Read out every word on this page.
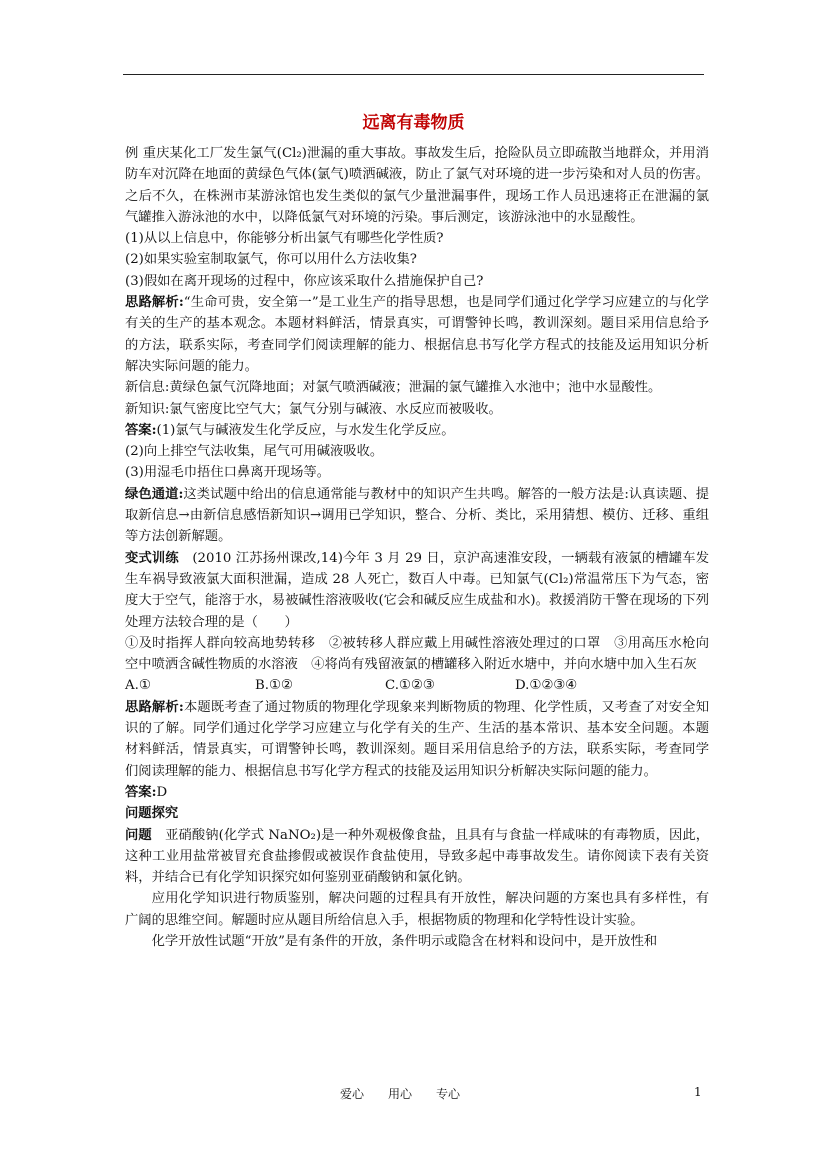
远离有毒物质

例 重庆某化工厂发生氯气(Cl₂)泄漏的重大事故。事故发生后，抢险队员立即疏散当地群众，并用消防车对沉降在地面的黄绿色气体(氯气)喷洒碱液，防止了氯气对环境的进一步污染和对人员的伤害。之后不久，在株洲市某游泳馆也发生类似的氯气少量泄漏事件，现场工作人员迅速将正在泄漏的氯气罐推入游泳池的水中，以降低氯气对环境的污染。事后测定，该游泳池中的水显酸性。

(1)从以上信息中，你能够分析出氯气有哪些化学性质?

(2)如果实验室制取氯气，你可以用什么方法收集?

(3)假如在离开现场的过程中，你应该采取什么措施保护自己?

思路解析:“生命可贵，安全第一”是工业生产的指导思想，也是同学们通过化学学习应建立的与化学有关的生产的基本观念。本题材料鲜活，情景真实，可谓警钟长鸣，教训深刻。题目采用信息给予的方法，联系实际，考查同学们阅读理解的能力、根据信息书写化学方程式的技能及运用知识分析解决实际问题的能力。

新信息:黄绿色氯气沉降地面；对氯气喷洒碱液；泄漏的氯气罐推入水池中；池中水显酸性。

新知识:氯气密度比空气大；氯气分别与碱液、水反应而被吸收。

答案:(1)氯气与碱液发生化学反应，与水发生化学反应。

(2)向上排空气法收集，尾气可用碱液吸收。

(3)用湿毛巾捂住口鼻离开现场等。

绿色通道:这类试题中给出的信息通常能与教材中的知识产生共鸣。解答的一般方法是:认真读题、提取新信息→由新信息感悟新知识→调用已学知识，整合、分析、类比，采用猜想、模仿、迁移、重组等方法创新解题。

变式训练　 (2010 江苏扬州课改,14)今年 3 月 29 日，京沪高速淮安段，一辆载有液氯的槽罐车发生车祸导致液氯大面积泄漏，造成 28 人死亡，数百人中毒。已知氯气(Cl₂)常温常压下为气态，密度大于空气，能溶于水，易被碱性溶液吸收(它会和碱反应生成盐和水)。救援消防干警在现场的下列处理方法较合理的是（　　）

①及时指挥人群向较高地势转移　②被转移人群应戴上用碱性溶液处理过的口罩　③用高压水枪向空中喷洒含碱性物质的水溶液　④将尚有残留液氯的槽罐移入附近水塘中，并向水塘中加入生石灰

A.①	B.①②	C.①②③	D.①②③④

思路解析:本题既考查了通过物质的物理化学现象来判断物质的物理、化学性质，又考查了对安全知识的了解。同学们通过化学学习应建立与化学有关的生产、生活的基本常识、基本安全问题。本题材料鲜活，情景真实，可谓警钟长鸣，教训深刻。题目采用信息给予的方法，联系实际，考查同学们阅读理解的能力、根据信息书写化学方程式的技能及运用知识分析解决实际问题的能力。

答案:D

问题探究

问题　 亚硝酸钠(化学式 NaNO₂)是一种外观极像食盐，且具有与食盐一样咸味的有毒物质，因此，这种工业用盐常被冒充食盐掺假或被误作食盐使用，导致多起中毒事故发生。请你阅读下表有关资料，并结合已有化学知识探究如何鉴别亚硝酸钠和氯化钠。

应用化学知识进行物质鉴别，解决问题的过程具有开放性，解决问题的方案也具有多样性，有广阔的思维空间。解题时应从题目所给信息入手，根据物质的物理和化学特性设计实验。

化学开放性试题“开放”是有条件的开放，条件明示或隐含在材料和设问中，是开放性和

爱心　　用心　　专心	1
